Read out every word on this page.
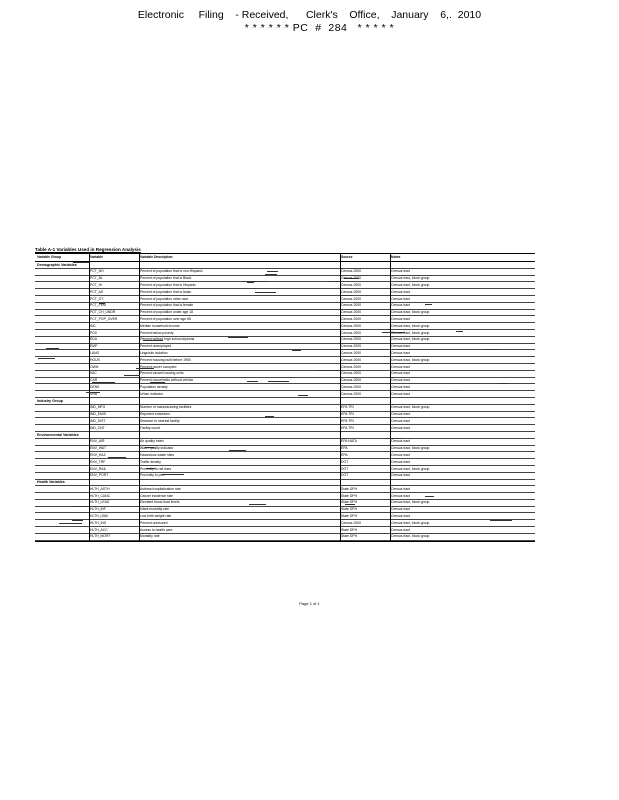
Electronic     Filing    - Received,      Clerk's    Office,    January    6,.  2010
* * * * * * PC  #  284   * * * * *
Table A-1 Variables Used in Regression Analysis
Variable Group	Variable	Variable Description	Source	Notes
Demographic Variables
PCT_NH	Percent of population that is non-Hispanic	Census 2000	Census tract
PCT_BL	Percent of population that is Black	Census 2000	Census tract, block group
PCT_HI	Percent of population that is Hispanic	Census 2000	Census tract, block group
PCT_AS	Percent of population that is Asian	Census 2000	Census tract
PCT_OT	Percent of population other race	Census 2000	Census tract
PCT_FEM	Percent of population that is female	Census 2000	Census tract
PCT_CH_UNDR	Percent of population under age 18	Census 2000	Census tract, block group
PCT_POP_OVER	Percent of population over age 65	Census 2000	Census tract
INC	Median household income	Census 2000	Census tract, block group
POV	Percent below poverty	Census 2000	Census tract, block group
EDU	Percent without high school diploma	Census 2000	Census tract, block group
EMP	Percent unemployed	Census 2000	Census tract
LANG	Linguistic isolation	Census 2000	Census tract
HOUS	Percent housing built before 1950	Census 2000	Census tract, block group
OWN	Percent owner occupied	Census 2000	Census tract
VAC	Percent vacant housing units	Census 2000	Census tract
CAR	Percent households without vehicle	Census 2000	Census tract
DENS	Population density	Census 2000	Census tract
URB	Urban indicator	Census 2000	Census tract
Industry Group
IND_MFG	Number of manufacturing facilities	EPA TRI	Census tract, block group
IND_EMIS	Reported emissions	EPA TRI	Census tract
IND_DIST	Distance to nearest facility	EPA TRI	Census tract
IND_CNT	Facility count	EPA TRI	Census tract
Environmental Variables
ENV_AIR	Air quality index	EPA NATA	Census tract
ENV_WAT	Water quality indicator	EPA	Census tract, block group
ENV_HAZ	Hazardous waste sites	EPA	Census tract
ENV_TRF	Traffic density	DOT	Census tract
ENV_RAIL	Proximity to rail lines	DOT	Census tract, block group
ENV_PORT	Proximity to port	DOT	Census tract
Health Variables
HLTH_ASTH	Asthma hospitalization rate	State DPH	Census tract
HLTH_CANC	Cancer incidence rate	State DPH	Census tract
HLTH_LEAD	Elevated blood lead levels	State DPH	Census tract, block group
HLTH_INF	Infant mortality rate	State DPH	Census tract
HLTH_LBW	Low birth weight rate	State DPH	Census tract
HLTH_INS	Percent uninsured	Census 2000	Census tract, block group
HLTH_ACC	Access to health care	State DPH	Census tract
HLTH_MORT	Mortality rate	State DPH	Census tract, block group
Page 1 of 1
